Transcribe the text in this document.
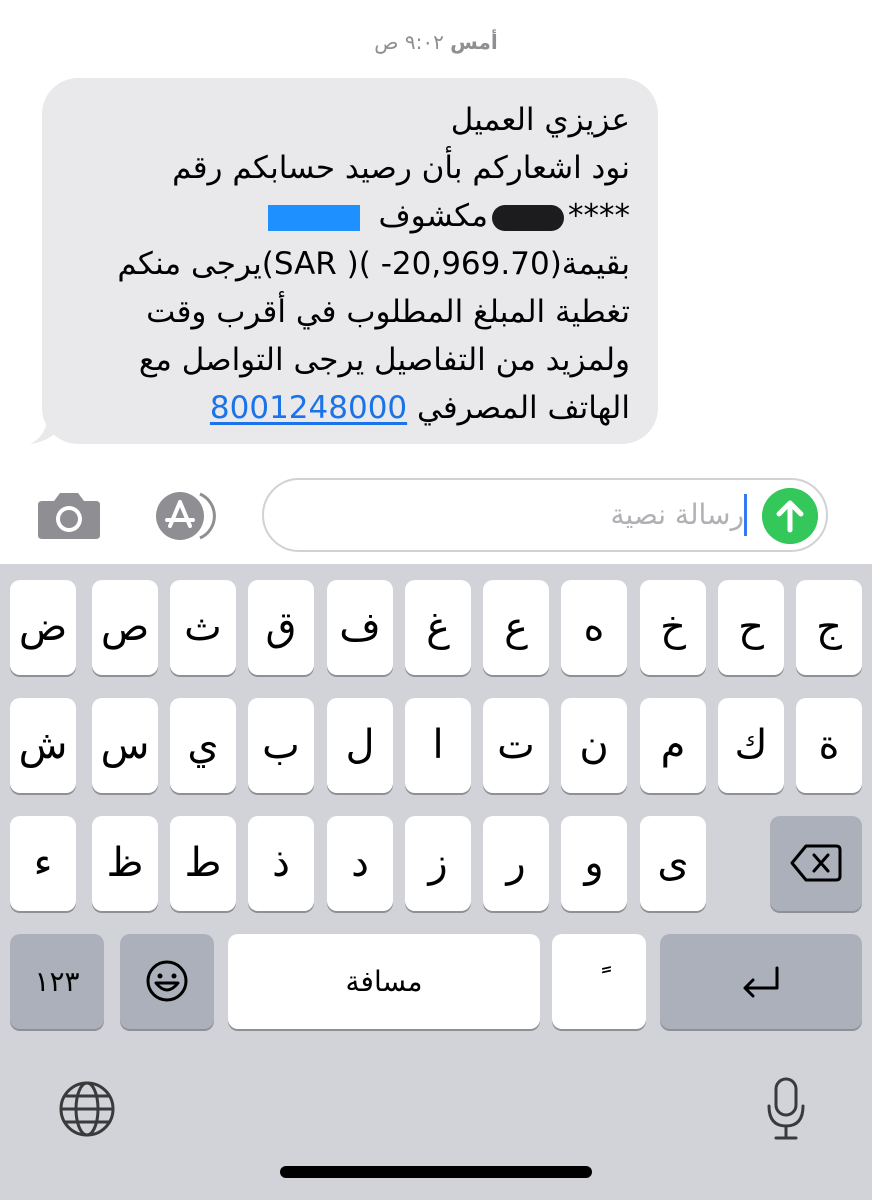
أمس ٩:٠٢ ص
عزيزي العميل
نود اشعاركم بأن رصيد حسابكم رقم
****مكشوف
بقيمة(20,969.70- )( SAR)يرجى منكم
تغطية المبلغ المطلوب في أقرب وقت
ولمزيد من التفاصيل يرجى التواصل مع
الهاتف المصرفي 8001248000
رسالة نصية
ج
ح
خ
ه
ع
غ
ف
ق
ث
ص
ض
ة
ك
م
ن
ت
ا
ل
ب
ي
س
ش
ى
و
ر
ز
د
ذ
ط
ظ
ء
١٢٣	مسافة
